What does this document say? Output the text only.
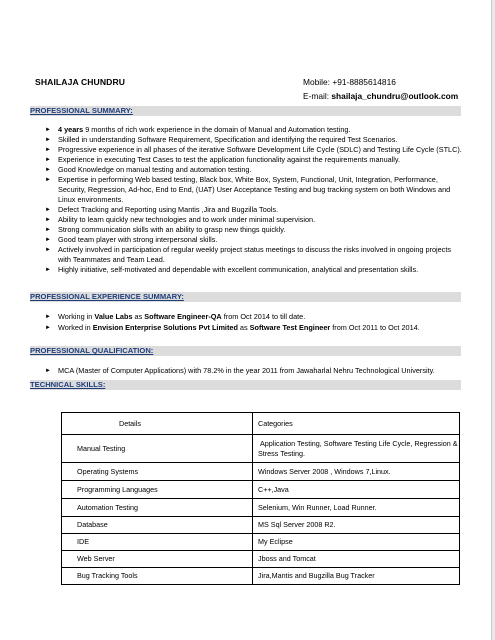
SHAILAJA CHUNDRU	Mobile: +91-8885614816
E-mail: shailaja_chundru@outlook.com
PROFESSIONAL SUMMARY:
► 4 years 9 months of rich work experience in the domain of Manual and Automation testing.
► Skilled in understanding Software Requirement, Specification and identifying the required Test Scenarios.
► Progressive experience in all phases of the iterative Software Development Life Cycle (SDLC) and Testing Life Cycle (STLC).
► Experience in executing Test Cases to test the application functionality against the requirements manually.
► Good Knowledge on manual testing and automation testing.
► Expertise in performing Web based testing, Black box, White Box, System, Functional, Unit, Integration, Performance, Security, Regression, Ad-hoc, End to End, (UAT) User Acceptance Testing and bug tracking system on both Windows and Linux environments.
► Defect Tracking and Reporting using Mantis ,Jira and Bugzilla Tools.
► Ability to learn quickly new technologies and to work under minimal supervision.
► Strong communication skills with an ability to grasp new things quickly.
► Good team player with strong interpersonal skills.
► Actively involved in participation of regular weekly project status meetings to discuss the risks involved in ongoing projects with Teammates and Team Lead.
► Highly initiative, self-motivated and dependable with excellent communication, analytical and presentation skills.
PROFESSIONAL EXPERIENCE SUMMARY:
► Working in Value Labs as Software Engineer-QA from Oct 2014 to till date.
► Worked in Envision Enterprise Solutions Pvt Limited as Software Test Engineer from Oct 2011 to Oct 2014.
PROFESSIONAL QUALIFICATION:
► MCA (Master of Computer Applications) with 78.2% in the year 2011 from Jawaharlal Nehru Technological University.
TECHNICAL SKILLS:
Details	Categories
Manual Testing	Application Testing, Software Testing Life Cycle, Regression & Stress Testing.
Operating Systems	Windows Server 2008 , Windows 7,Linux.
Programming Languages	C++,Java
Automation Testing	Selenium, Win Runner, Load Runner.
Database	MS Sql Server 2008 R2.
IDE	My Eclipse
Web Server	Jboss and Tomcat
Bug Tracking Tools	Jira,Mantis and Bugzilla Bug Tracker
